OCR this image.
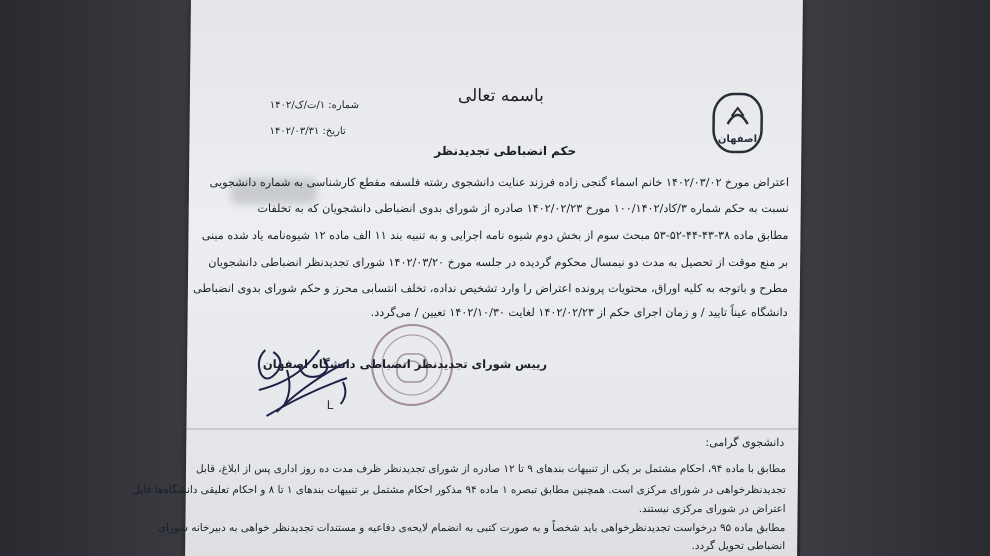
اصفهان
باسمه تعالی
شماره: ۱/ت/ک/۱۴۰۲
تاریخ: ۱۴۰۲/۰۳/۳۱
حکم انضباطی تجدیدنظر
اعتراض مورخ ۱۴۰۲/۰۳/۰۲ خانم اسماء گنجی زاده فرزند عنایت دانشجوی رشته فلسفه مقطع کارشناسی به شماره دانشجویی
نسبت به حکم شماره ۳/کاد/۱۰۰/۱۴۰۲ مورخ ۱۴۰۲/۰۲/۲۳ صادره از شورای بدوی انضباطی دانشجویان که به تخلفات
مطابق ماده ۳۸-۴۳-۴۴-۵۲-۵۳ مبحث سوم از بخش دوم شیوه نامه اجرایی و به تنبیه بند ۱۱ الف ماده ۱۲ شیوه‌نامه یاد شده مبنی
بر منع موقت از تحصیل به مدت دو نیمسال محکوم گردیده در جلسه مورخ ۱۴۰۲/۰۳/۲۰ شورای تجدیدنظر انضباطی دانشجویان
مطرح و باتوجه به کلیه اوراق، محتویات پرونده اعتراض را وارد تشخیص نداده، تخلف انتسابی محرز و حکم شورای بدوی انضباطی
دانشگاه عیناً تایید / و زمان اجرای حکم از ۱۴۰۲/۰۲/۲۳ لغایت ۱۴۰۲/۱۰/۳۰ تعیین / می‌گردد.
رییس شورای تجدیدنظر انضباطی دانشگاه اصفهان
L
دانشجوی گرامی:
مطابق با ماده ۹۴، احکام مشتمل بر یکی از تنبیهات بندهای ۹ تا ۱۲ صادره از شورای تجدیدنظر ظرف مدت ده روز اداری پس از ابلاغ، قابل
تجدیدنظرخواهی در شورای مرکزی است. همچنین مطابق تبصره ۱ ماده ۹۴ مذکور احکام مشتمل بر تنبیهات بندهای ۱ تا ۸ و احکام تعلیقی دانشگاه‌ها قابل
اعتراض در شورای مرکزی نیستند.
مطابق ماده ۹۵ درخواست تجدیدنظرخواهی باید شخصاً و به صورت کتبی به انضمام لایحه‌ی دفاعیه و مستندات تجدیدنظر خواهی به دبیرخانه شورای
انضباطی تحویل گردد.
